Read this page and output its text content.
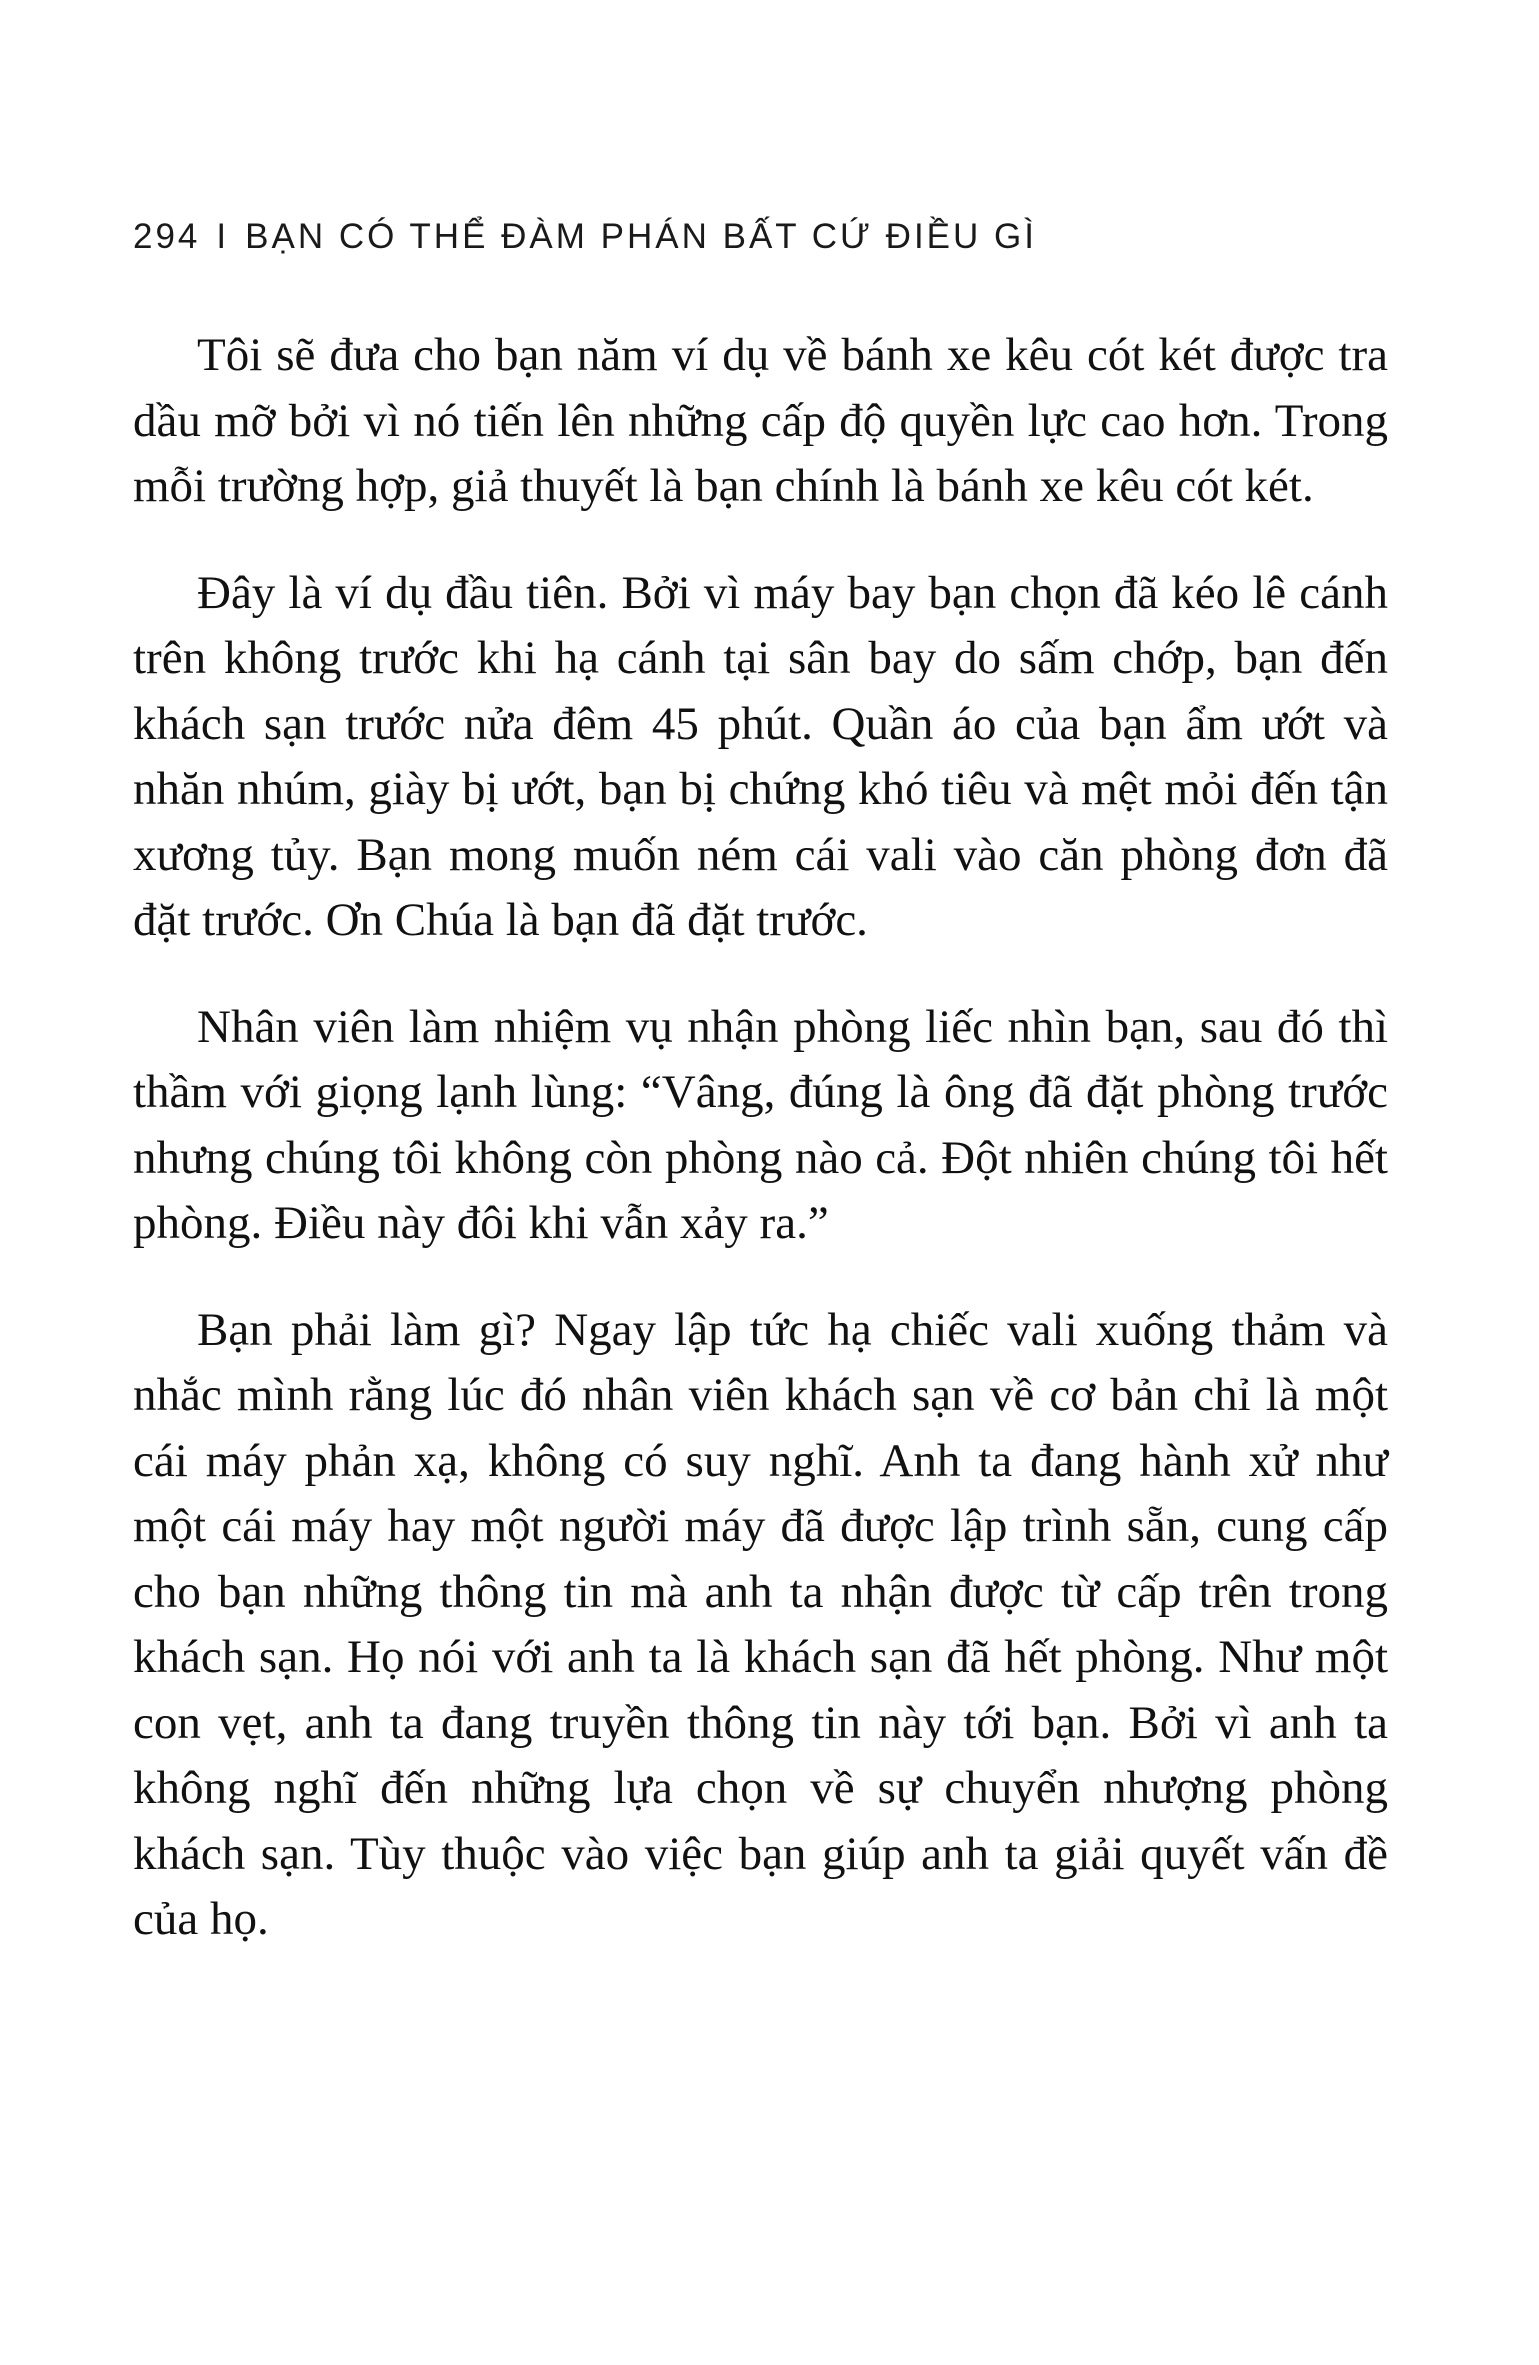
294 I BẠN CÓ THỂ ĐÀM PHÁN BẤT CỨ ĐIỀU GÌ

Tôi sẽ đưa cho bạn năm ví dụ về bánh xe kêu cót két được tra dầu mỡ bởi vì nó tiến lên những cấp độ quyền lực cao hơn. Trong mỗi trường hợp, giả thuyết là bạn chính là bánh xe kêu cót két.

Đây là ví dụ đầu tiên. Bởi vì máy bay bạn chọn đã kéo lê cánh trên không trước khi hạ cánh tại sân bay do sấm chớp, bạn đến khách sạn trước nửa đêm 45 phút. Quần áo của bạn ẩm ướt và nhăn nhúm, giày bị ướt, bạn bị chứng khó tiêu và mệt mỏi đến tận xương tủy. Bạn mong muốn ném cái vali vào căn phòng đơn đã đặt trước. Ơn Chúa là bạn đã đặt trước.

Nhân viên làm nhiệm vụ nhận phòng liếc nhìn bạn, sau đó thì thầm với giọng lạnh lùng: “Vâng, đúng là ông đã đặt phòng trước nhưng chúng tôi không còn phòng nào cả. Đột nhiên chúng tôi hết phòng. Điều này đôi khi vẫn xảy ra.”

Bạn phải làm gì? Ngay lập tức hạ chiếc vali xuống thảm và nhắc mình rằng lúc đó nhân viên khách sạn về cơ bản chỉ là một cái máy phản xạ, không có suy nghĩ. Anh ta đang hành xử như một cái máy hay một người máy đã được lập trình sẵn, cung cấp cho bạn những thông tin mà anh ta nhận được từ cấp trên trong khách sạn. Họ nói với anh ta là khách sạn đã hết phòng. Như một con vẹt, anh ta đang truyền thông tin này tới bạn. Bởi vì anh ta không nghĩ đến những lựa chọn về sự chuyển nhượng phòng khách sạn. Tùy thuộc vào việc bạn giúp anh ta giải quyết vấn đề của họ.
